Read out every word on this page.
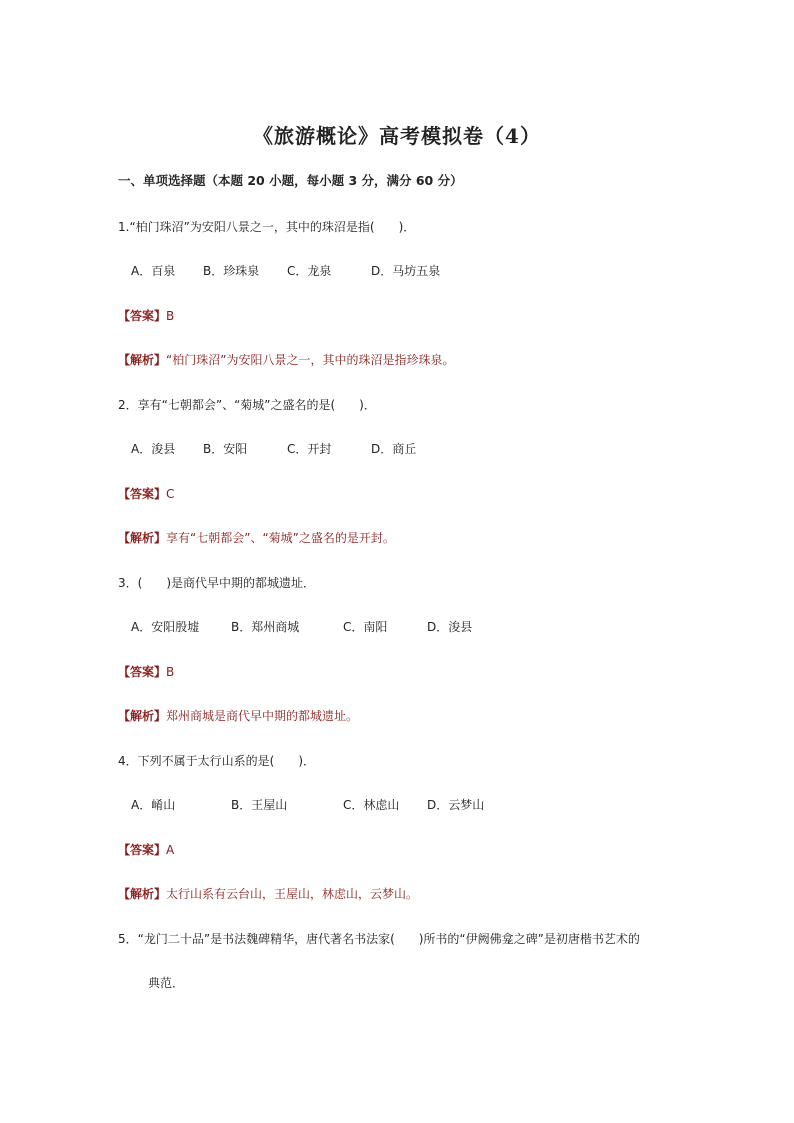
《旅游概论》高考模拟卷（4）
一、单项选择题（本题 20 小题，每小题 3 分，满分 60 分）
1.“柏门珠沼”为安阳八景之一，其中的珠沼是指(　　)．
A．百泉 B．珍珠泉 C．龙泉	D．马坊五泉
【答案】B
【解析】“柏门珠沼”为安阳八景之一，其中的珠沼是指珍珠泉。
2．享有“七朝都会”、“菊城”之盛名的是(　　)．
A．浚县 B．安阳	C．开封	D．商丘
【答案】C
【解析】享有“七朝都会”、“菊城”之盛名的是开封。
3．(　　)是商代早中期的都城遗址．
A．安阳殷墟	B．郑州商城	C．南阳	D．浚县
【答案】B
【解析】郑州商城是商代早中期的都城遗址。
4．下列不属于太行山系的是(　　)．
A．崤山	B．王屋山	C．林虑山 D．云梦山
【答案】A
【解析】太行山系有云台山，王屋山，林虑山，云梦山。
5．“龙门二十品”是书法魏碑精华，唐代著名书法家(　　)所书的“伊阙佛龛之碑”是初唐楷书艺术的
典范．
